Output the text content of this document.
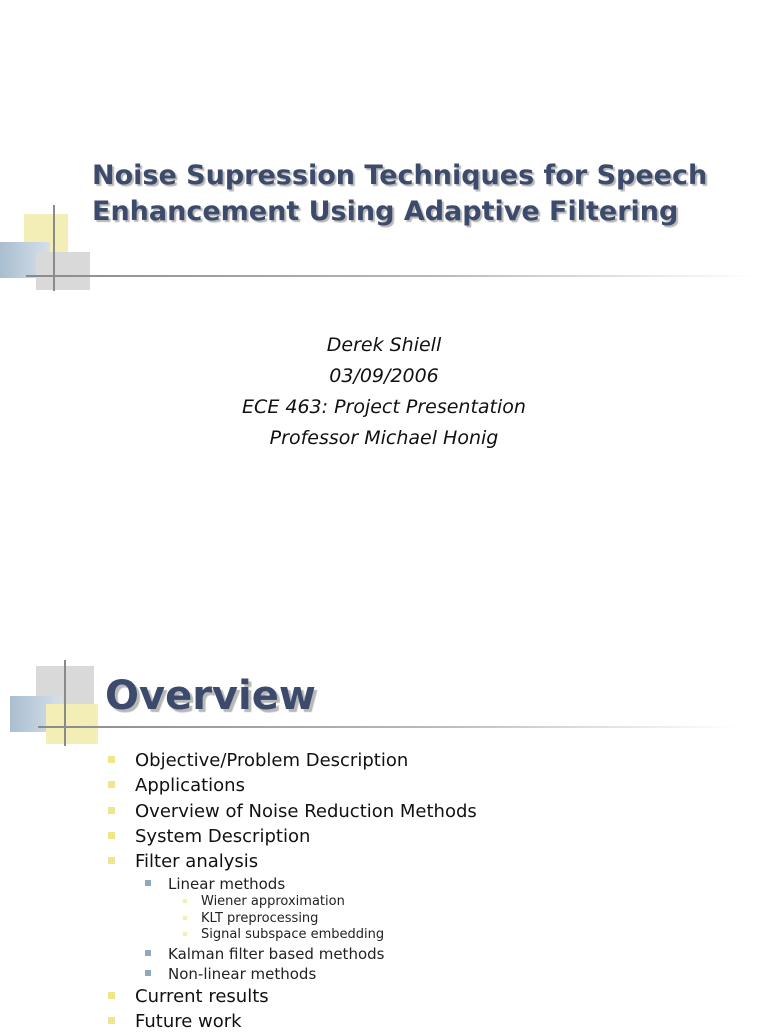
Noise Supression Techniques for Speech Enhancement Using Adaptive Filtering
Derek Shiell
03/09/2006
ECE 463: Project Presentation
Professor Michael Honig
Overview
Objective/Problem Description
Applications
Overview of Noise Reduction Methods
System Description
Filter analysis
Linear methods
Wiener approximation
KLT preprocessing
Signal subspace embedding
Kalman filter based methods
Non-linear methods
Current results
Future work
